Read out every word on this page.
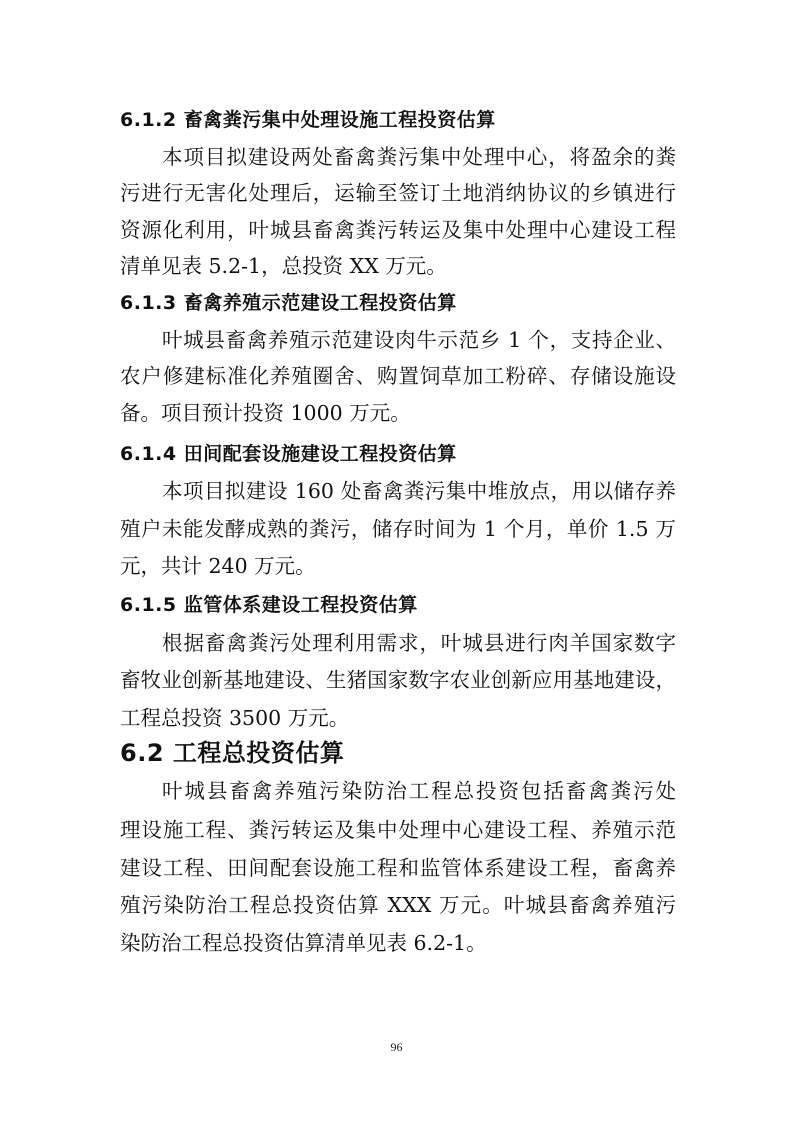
6.1.2 畜禽粪污集中处理设施工程投资估算
本项目拟建设两处畜禽粪污集中处理中心，将盈余的粪
污进行无害化处理后，运输至签订土地消纳协议的乡镇进行
资源化利用，叶城县畜禽粪污转运及集中处理中心建设工程
清单见表 5.2-1，总投资 XX 万元。
6.1.3 畜禽养殖示范建设工程投资估算
叶城县畜禽养殖示范建设肉牛示范乡 1 个，支持企业、
农户修建标准化养殖圈舍、购置饲草加工粉碎、存储设施设
备。项目预计投资 1000 万元。
6.1.4 田间配套设施建设工程投资估算
本项目拟建设 160 处畜禽粪污集中堆放点，用以储存养
殖户未能发酵成熟的粪污，储存时间为 1 个月，单价 1.5 万
元，共计 240 万元。
6.1.5 监管体系建设工程投资估算
根据畜禽粪污处理利用需求，叶城县进行肉羊国家数字
畜牧业创新基地建设、生猪国家数字农业创新应用基地建设，
工程总投资 3500 万元。
6.2 工程总投资估算
叶城县畜禽养殖污染防治工程总投资包括畜禽粪污处
理设施工程、粪污转运及集中处理中心建设工程、养殖示范
建设工程、田间配套设施工程和监管体系建设工程，畜禽养
殖污染防治工程总投资估算 XXX 万元。叶城县畜禽养殖污
染防治工程总投资估算清单见表 6.2-1。
96
